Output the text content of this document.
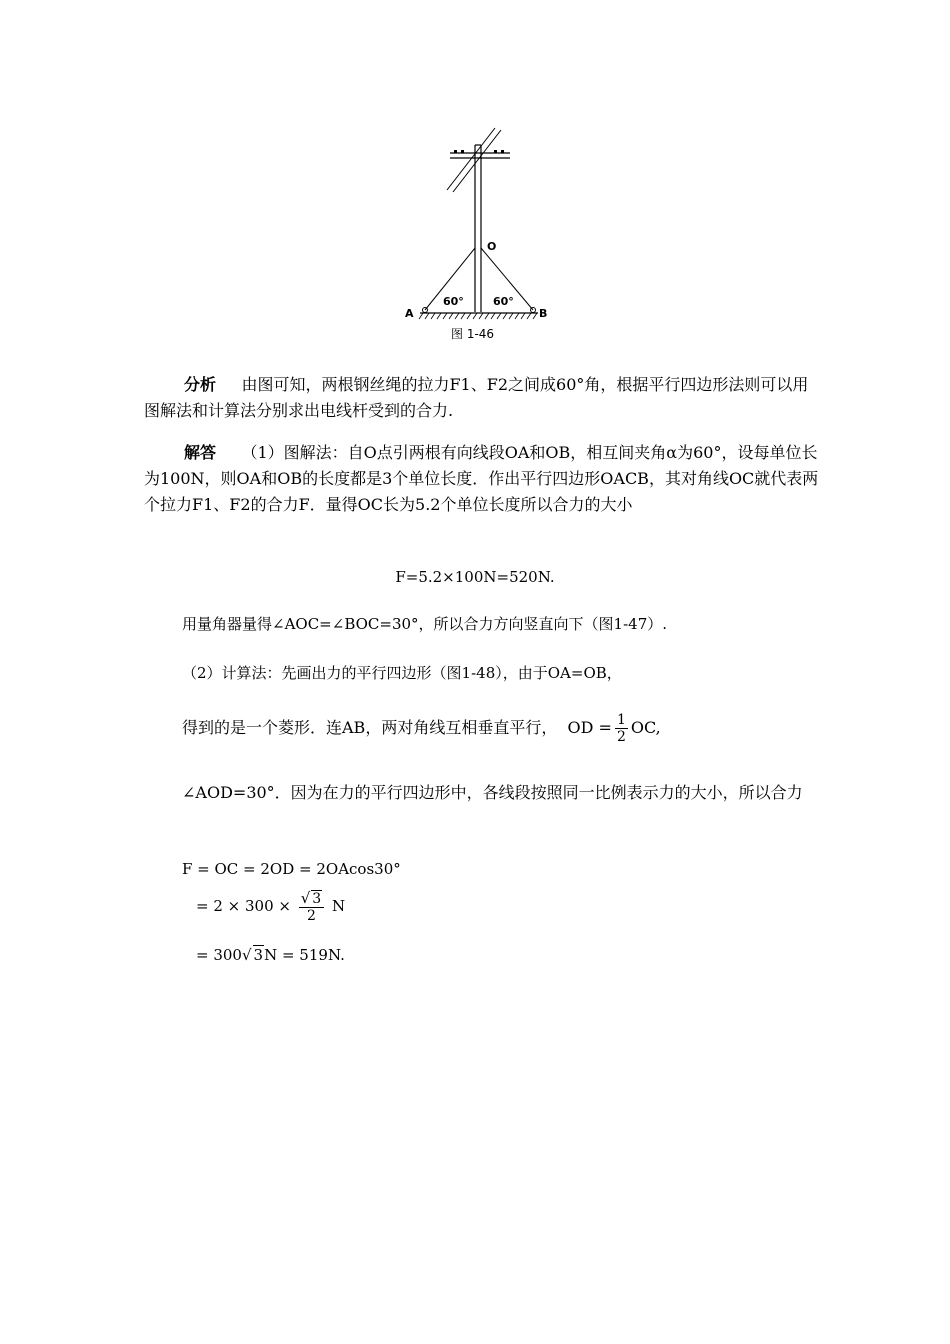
O
A	B
60°	60°
图 1-46
分析 由图可知，两根钢丝绳的拉力F1、F2之间成60°角，根据平行四边形法则可以用图解法和计算法分别求出电线杆受到的合力.
解答 （1）图解法：自O点引两根有向线段OA和OB，相互间夹角α为60°，设每单位长为100N，则OA和OB的长度都是3个单位长度．作出平行四边形OACB，其对角线OC就代表两个拉力F1、F2的合力F．量得OC长为5.2个单位长度所以合力的大小
F=5.2×100N=520N.
用量角器量得∠AOC=∠BOC=30°，所以合力方向竖直向下（图1-47）.
（2）计算法：先画出力的平行四边形（图1-48），由于OA=OB，
得到的是一个菱形．连AB，两对角线互相垂直平行， OD = $\frac{1}{2}$ OC,
∠AOD=30°．因为在力的平行四边形中，各线段按照同一比例表示力的大小，所以合力
F = OC = 2OD = 2OAcos30°
= $2 \times 300 \times \frac{√ 3}{2}$ N
= 300√ 3N = 519N.
